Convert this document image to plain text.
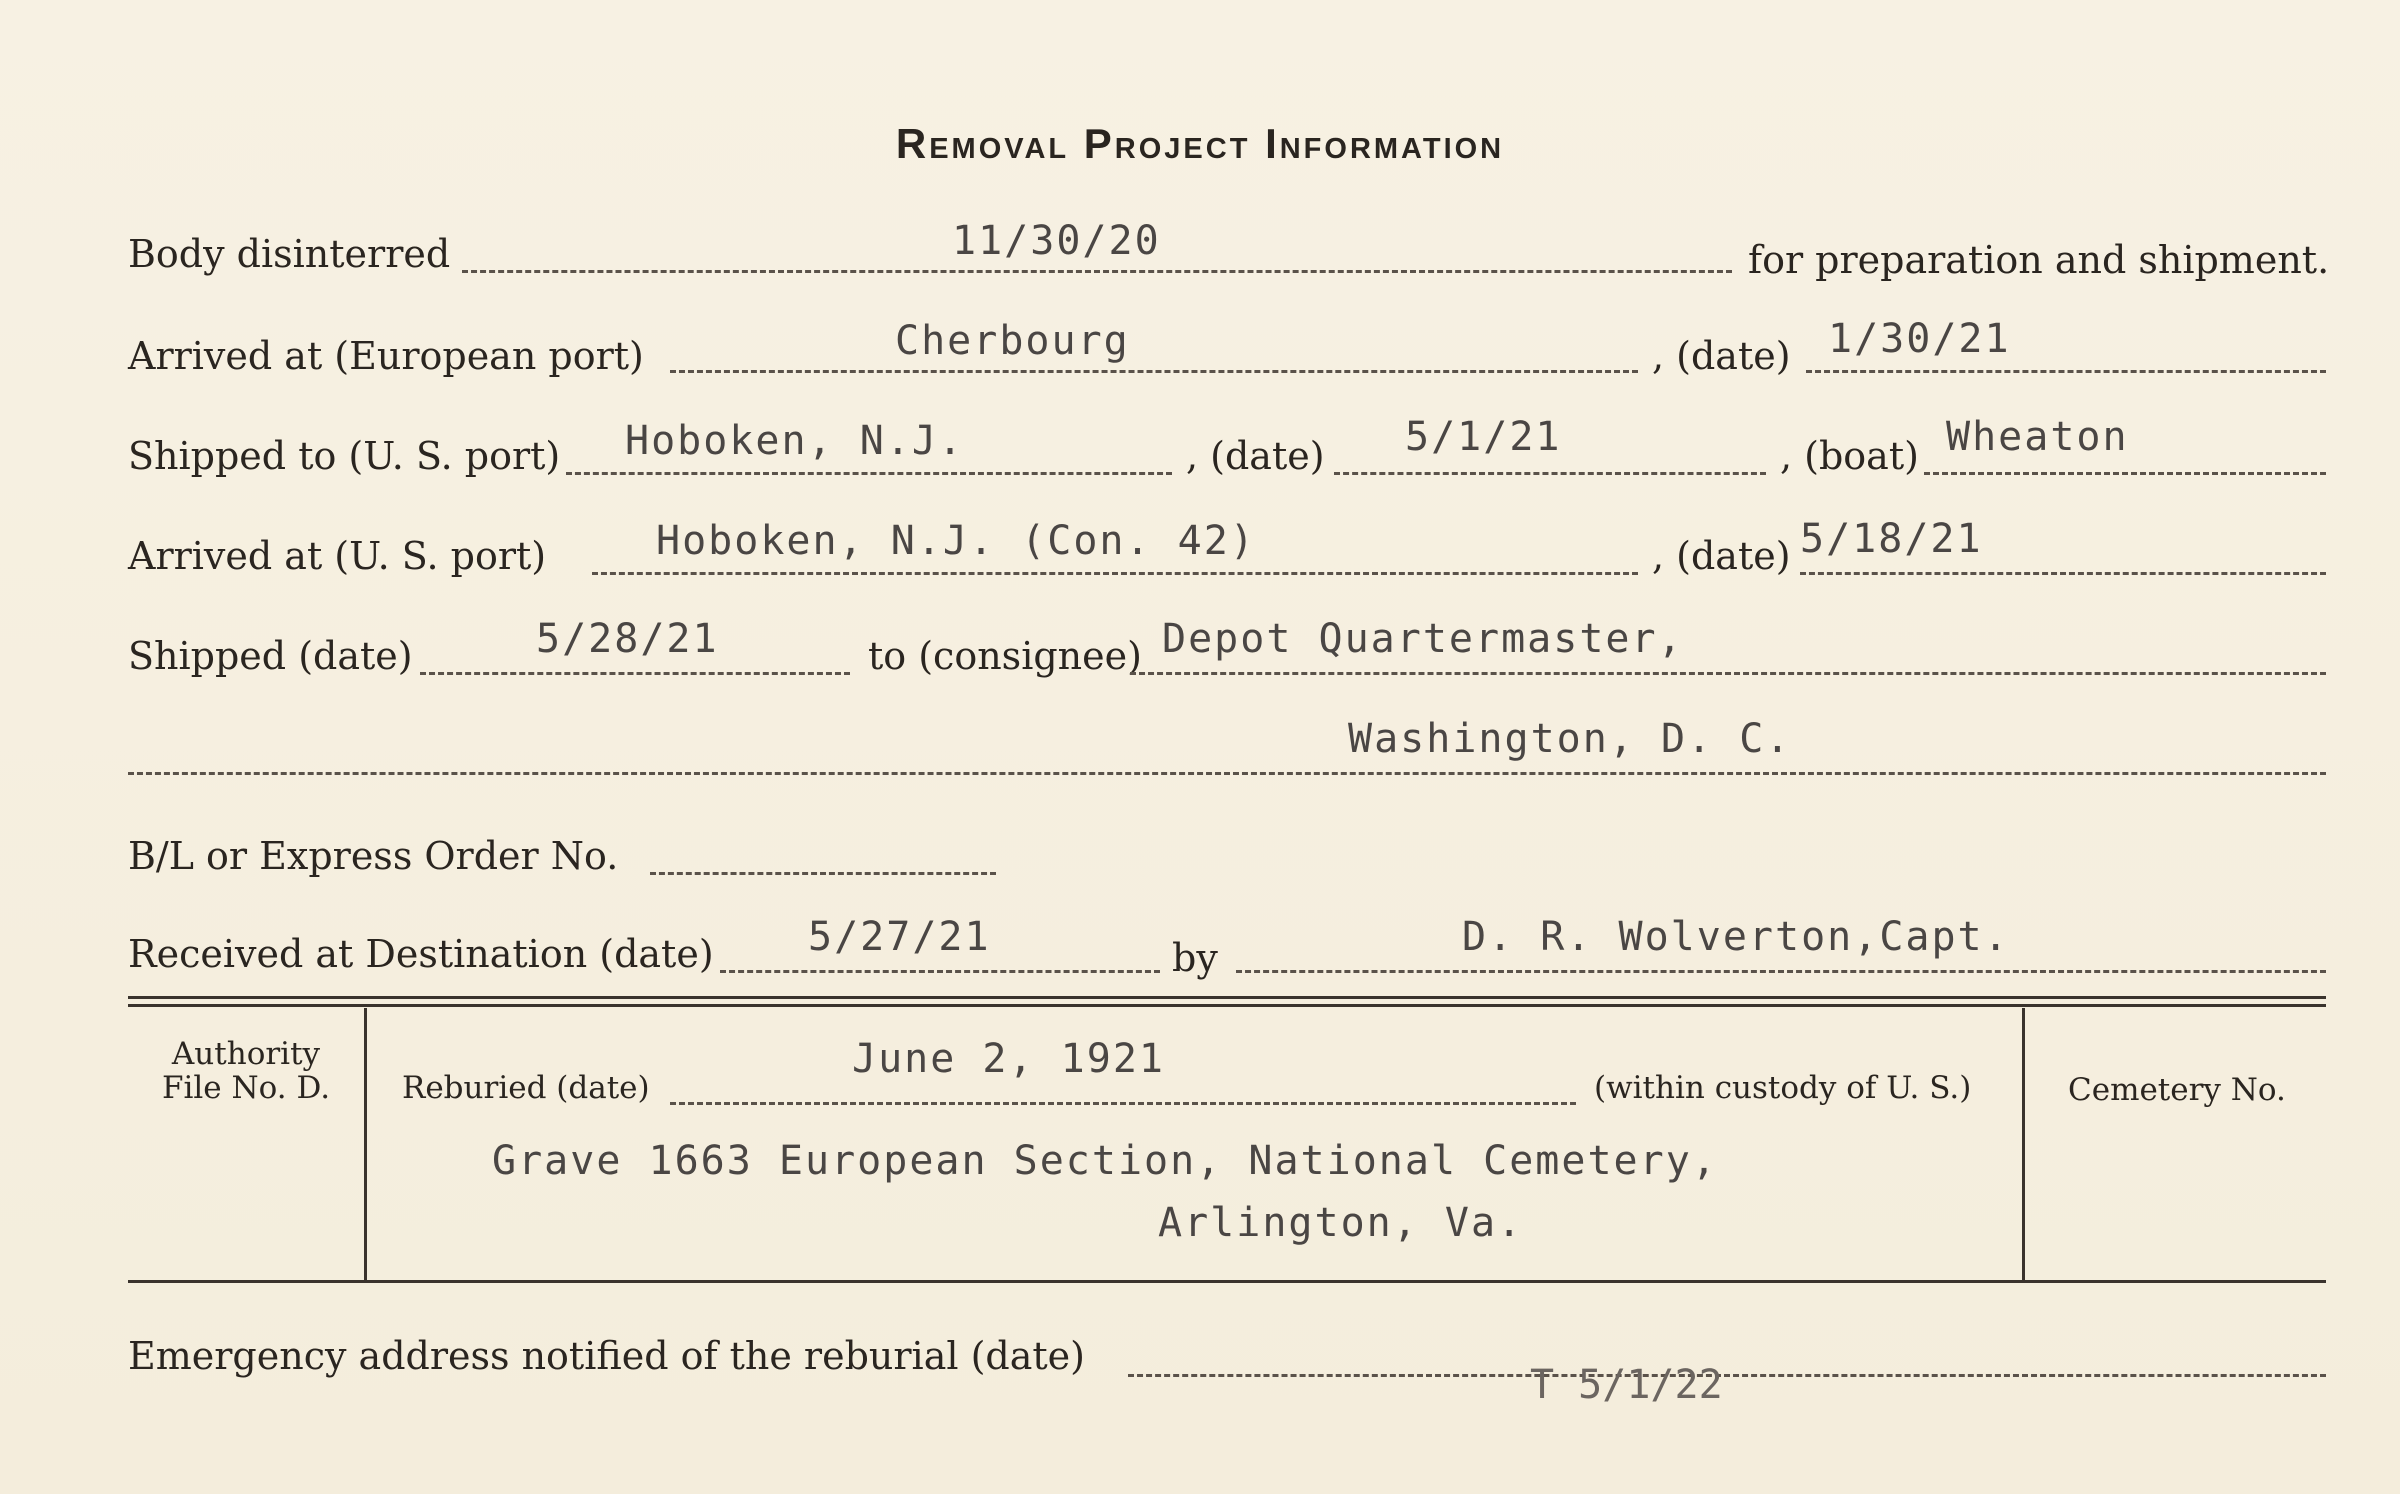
Removal Project Information
Body disinterred	11/30/20	for preparation and shipment.
Arrived at (European port)	Cherbourg	, (date) 1/30/21
Shipped to (U. S. port) Hoboken, N.J.	, (date) 5/1/21	, (boat) Wheaton
Arrived at (U. S. port)	Hoboken, N.J. (Con. 42)	, (date) 5/18/21
Shipped (date)	5/28/21	to (consignee) Depot Quartermaster,
Washington, D. C.
B/L or Express Order No.
Received at Destination (date) 5/27/21	by	D. R. Wolverton,Capt.
Authority
File No. D.	Reburied (date)
June 2, 1921
(within custody of U. S.)
Grave 1663 European Section, National Cemetery,
Arlington, Va.
Cemetery No.
Emergency address notified of the reburial (date)
T 5/1/22
